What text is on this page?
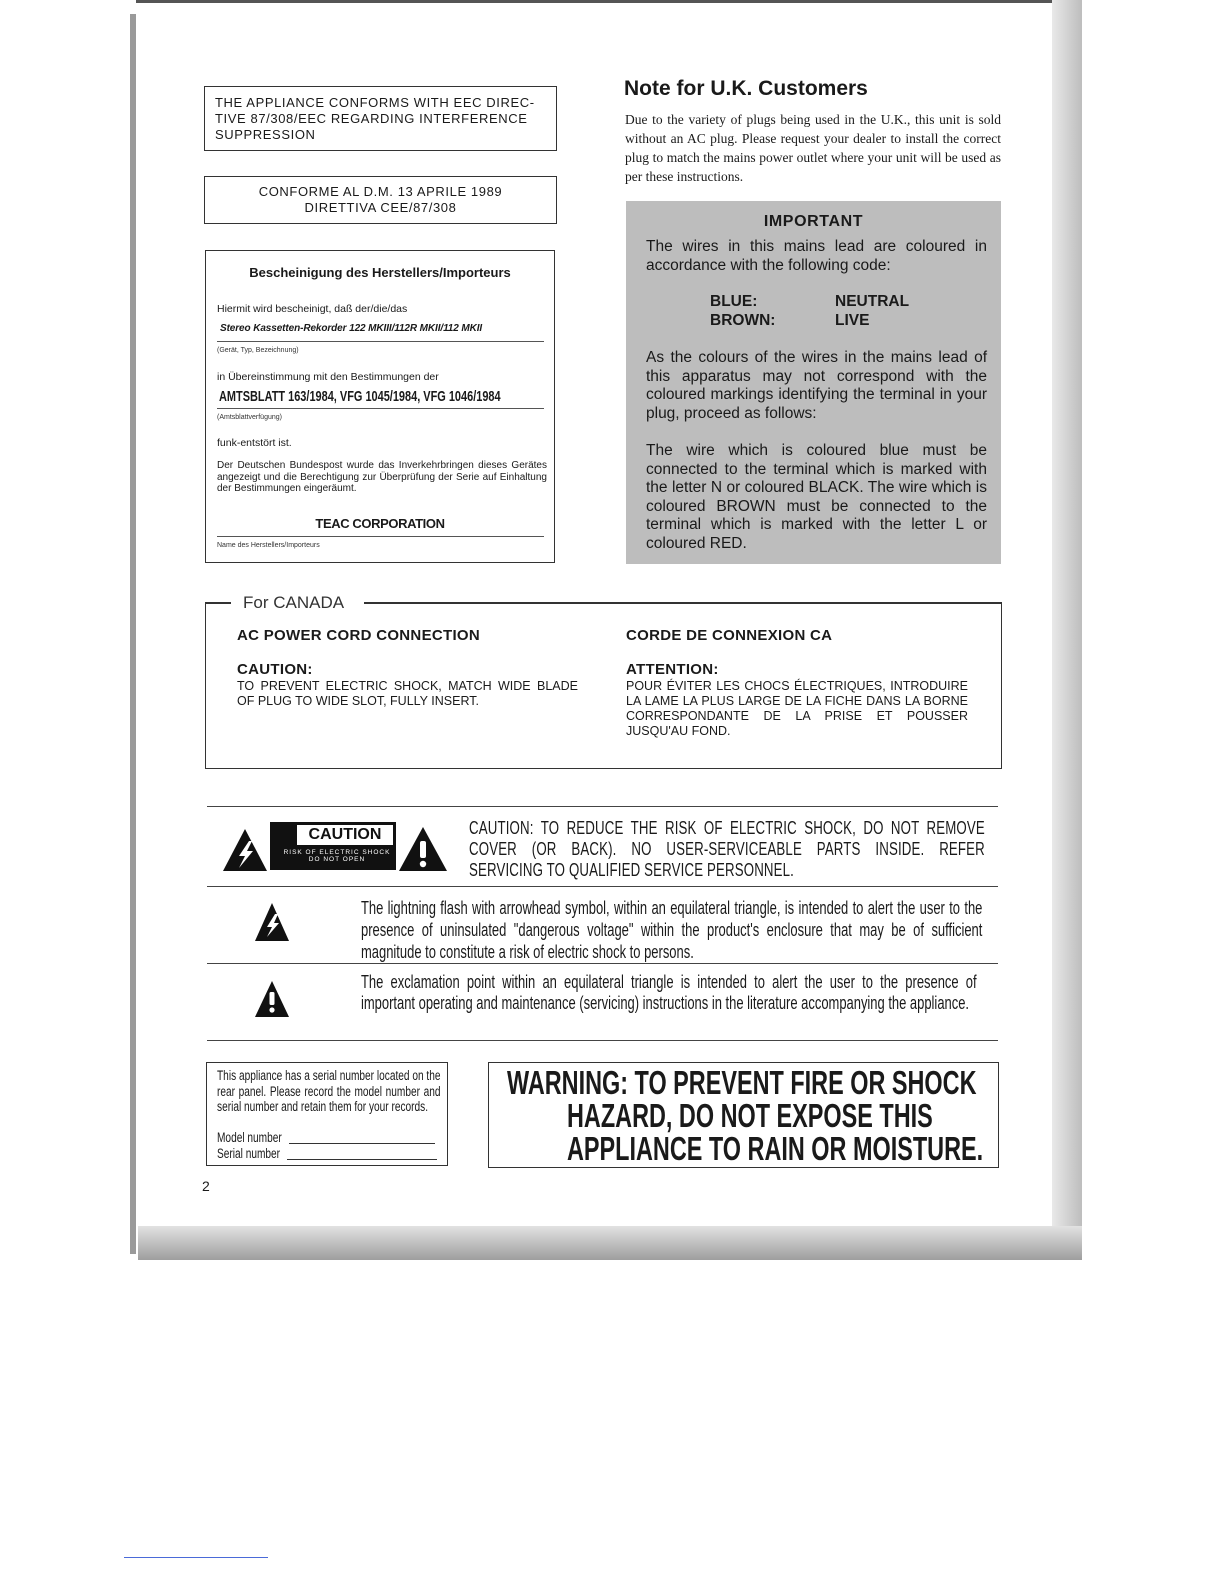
THE APPLIANCE CONFORMS WITH EEC DIREC-TIVE 87/308/EEC REGARDING INTERFERENCE SUPPRESSION
CONFORME AL D.M. 13 APRILE 1989
DIRETTIVA CEE/87/308
Bescheinigung des Herstellers/Importeurs
Hiermit wird bescheinigt, daß der/die/das
Stereo Kassetten-Rekorder 122 MKIII/112R MKII/112 MKII
(Gerät, Typ, Bezeichnung)
in Übereinstimmung mit den Bestimmungen der
AMTSBLATT 163/1984, VFG 1045/1984, VFG 1046/1984
(Amtsblattverfügung)
funk-entstört ist.
Der Deutschen Bundespost wurde das Inverkehrbringen dieses Gerätes angezeigt und die Berechtigung zur Überprüfung der Serie auf Einhaltung der Bestimmungen eingeräumt.
TEAC CORPORATION
Name des Herstellers/Importeurs
Note for U.K. Customers
Due to the variety of plugs being used in the U.K., this unit is sold without an AC plug. Please request your dealer to install the correct plug to match the mains power outlet where your unit will be used as per these instructions.
IMPORTANT
The wires in this mains lead are coloured in accordance with the following code:
BLUE:	NEUTRAL
BROWN:	LIVE
As the colours of the wires in the mains lead of this apparatus may not correspond with the coloured markings identifying the terminal in your plug, proceed as follows:
The wire which is coloured blue must be connected to the terminal which is marked with the letter N or coloured BLACK. The wire which is coloured BROWN must be connected to the terminal which is marked with the letter L or coloured RED.
For CANADA
AC POWER CORD CONNECTION
CAUTION:
TO PREVENT ELECTRIC SHOCK, MATCH WIDE BLADE OF PLUG TO WIDE SLOT, FULLY INSERT.
CORDE DE CONNEXION CA
ATTENTION:
POUR ÉVITER LES CHOCS ÉLECTRIQUES, INTRODUIRE LA LAME LA PLUS LARGE DE LA FICHE DANS LA BORNE CORRESPONDANTE DE LA PRISE ET POUSSER JUSQU'AU FOND.
CAUTION
RISK OF ELECTRIC SHOCK
DO NOT OPEN
CAUTION: TO REDUCE THE RISK OF ELECTRIC SHOCK, DO NOT REMOVE COVER (OR BACK). NO USER-SERVICEABLE PARTS INSIDE. REFER SERVICING TO QUALIFIED SERVICE PERSONNEL.
The lightning flash with arrowhead symbol, within an equilateral triangle, is intended to alert the user to the presence of uninsulated "dangerous voltage" within the product's enclosure that may be of sufficient magnitude to constitute a risk of electric shock to persons.
The exclamation point within an equilateral triangle is intended to alert the user to the presence of important operating and maintenance (servicing) instructions in the literature accompanying the appliance.
This appliance has a serial number located on the rear panel. Please record the model number and serial number and retain them for your records.
Model number
Serial number
WARNING: TO PREVENT FIRE OR SHOCK
HAZARD, DO NOT EXPOSE THIS
APPLIANCE TO RAIN OR MOISTURE.
2
